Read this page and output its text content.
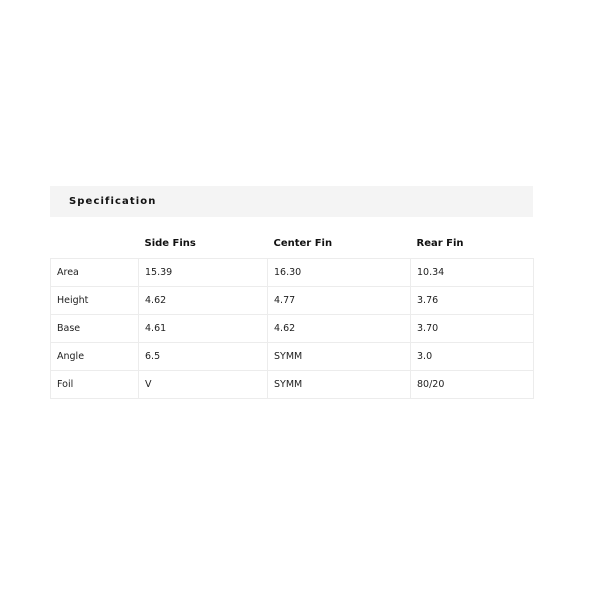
Specification
	Side Fins	Center Fin	Rear Fin
Area	15.39	16.30	10.34
Height	4.62	4.77	3.76
Base	4.61	4.62	3.70
Angle	6.5	SYMM	3.0
Foil	V	SYMM	80/20
